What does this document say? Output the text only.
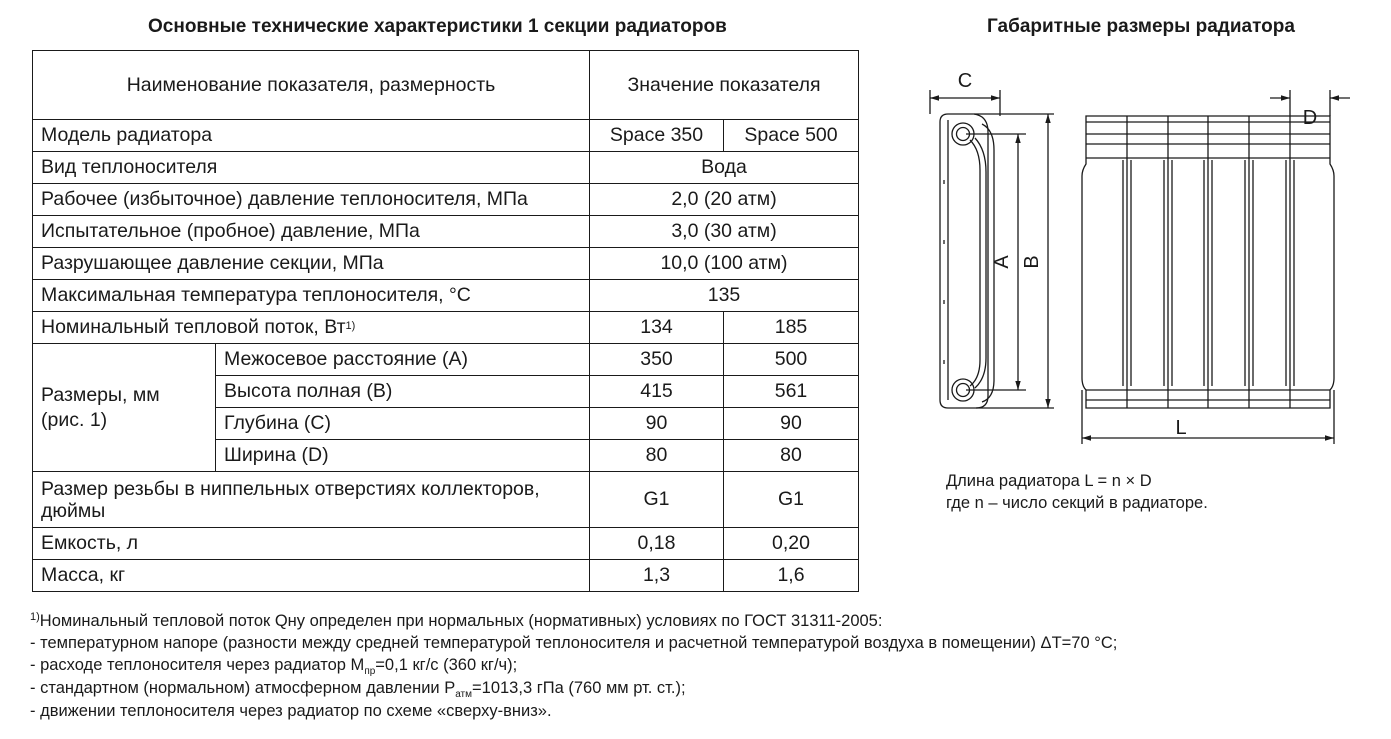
Основные технические характеристики 1 секции радиаторов	Габаритные размеры радиатора
Наименование показателя, размерность		Значение показателя	
Модель радиатора		Space 350	Space 500
Вид теплоносителя		Вода	
Рабочее (избыточное) давление теплоносителя, МПа		2,0 (20 атм)	
Испытательное (пробное) давление, МПа		3,0 (30 атм)	
Разрушающее давление секции, МПа		10,0 (100 атм)	
Максимальная температура теплоносителя, °C		135	
Номинальный тепловой поток, $Вт^{1)}$		134	185
Размеры, мм
(рис. 1)	Межосевое расстояние (A)	350	500
	Высота полная (B)	415	561
	Глубина (C)	90	90
	Ширина (D)	80	80
Размер резьбы в ниппельных отверстиях коллекторов, дюймы		G1	G1
Емкость, л		0,18	0,20
Масса, кг		1,3	1,6
C
A B
D
L
Длина радиатора L = n × D
где n – число секций в радиаторе.
$^{1)}$Номинальный тепловой поток Qну определен при нормальных (нормативных) условиях по ГОСТ 31311-2005:
- температурном напоре (разности между средней температурой теплоносителя и расчетной температурой воздуха в помещении) ΔT=70 °C;
- расходе теплоносителя через радиатор $M_{пр}=0,1$ кг/с (360 кг/ч);
- стандартном (нормальном) атмосферном давлении $P_{атм}=1013,3$ гПа (760 мм рт. ст.);
- движении теплоносителя через радиатор по схеме «сверху-вниз».
